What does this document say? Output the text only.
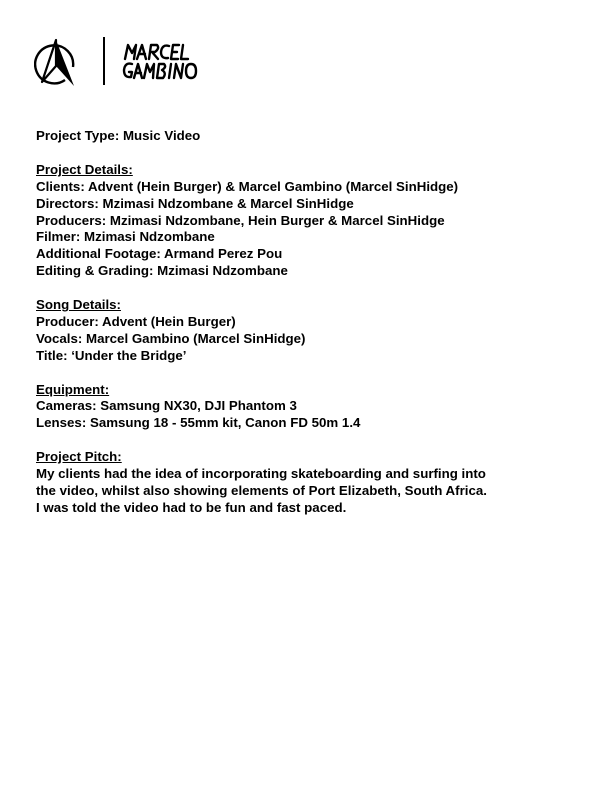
Project Type: Music Video
Project Details:
Clients: Advent (Hein Burger) & Marcel Gambino (Marcel SinHidge)
Directors: Mzimasi Ndzombane & Marcel SinHidge
Producers: Mzimasi Ndzombane, Hein Burger & Marcel SinHidge
Filmer: Mzimasi Ndzombane
Additional Footage: Armand Perez Pou
Editing & Grading: Mzimasi Ndzombane
Song Details:
Producer: Advent (Hein Burger)
Vocals: Marcel Gambino (Marcel SinHidge)
Title: ‘Under the Bridge’
Equipment:
Cameras: Samsung NX30, DJI Phantom 3
Lenses: Samsung 18 - 55mm kit, Canon FD 50m 1.4
Project Pitch:
My clients had the idea of incorporating skateboarding and surfing into
the video, whilst also showing elements of Port Elizabeth, South Africa.
I was told the video had to be fun and fast paced.
